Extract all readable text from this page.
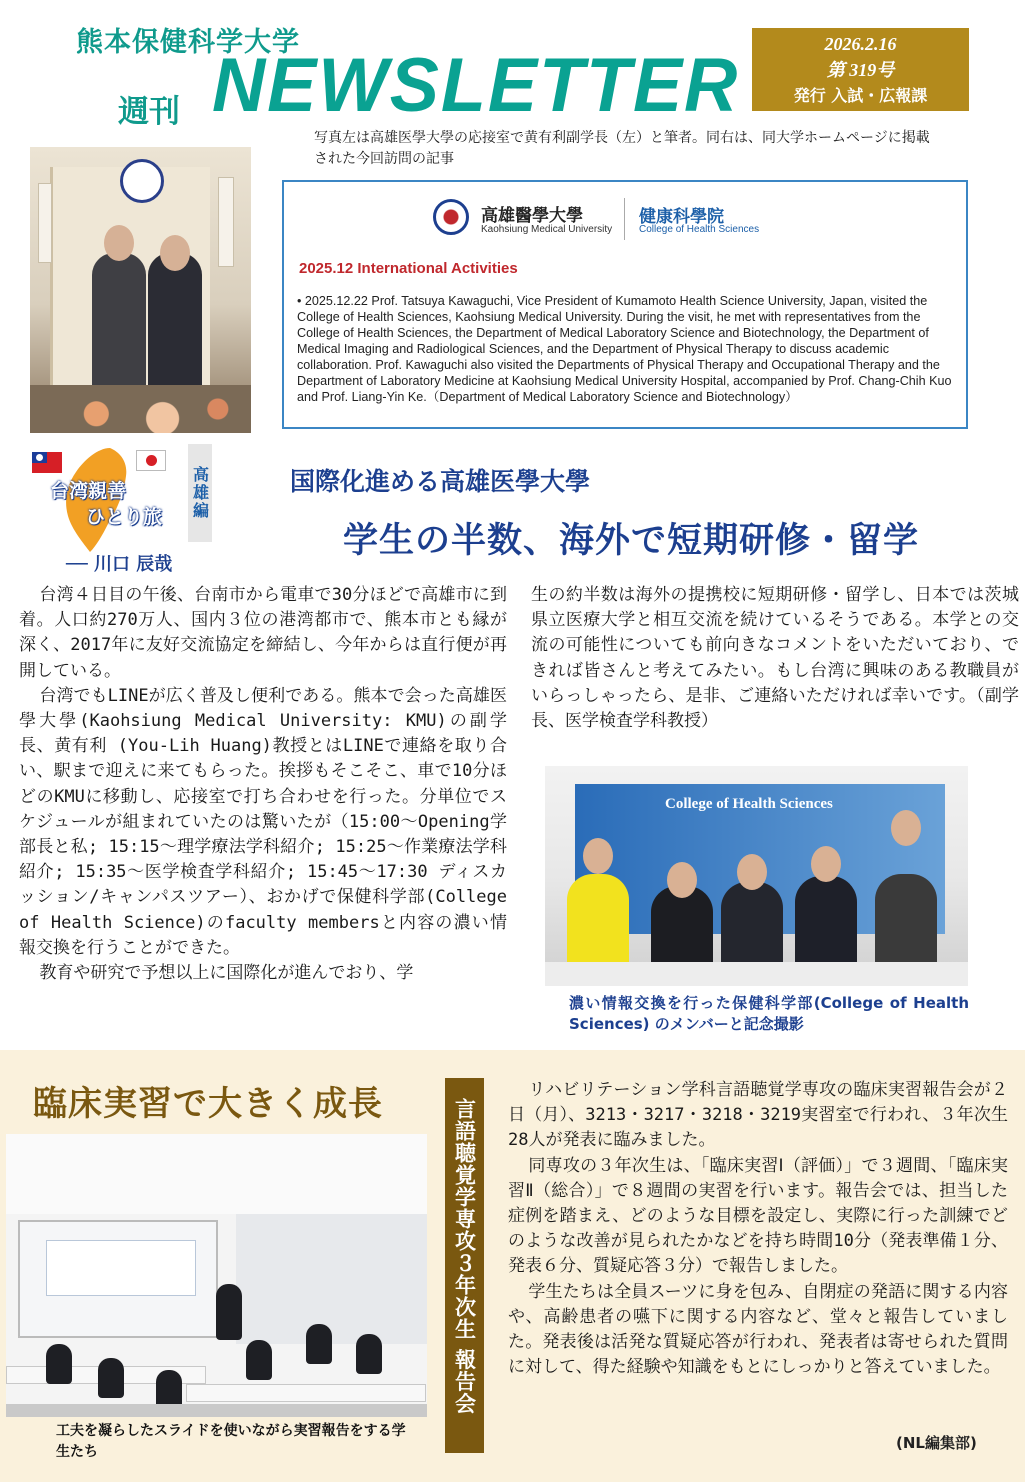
熊本保健科学大学
週刊 NEWSLETTER	2026.2.16
第 319号
発行 入試・広報課
写真左は高雄医學大學の応接室で黄有利副学長（左）と筆者。同右は、同大学ホームページに掲載された今回訪問の記事
高雄醫學大學
Kaohsiung Medical University
健康科學院
College of Health Sciences
2025.12 International Activities
• 2025.12.22 Prof. Tatsuya Kawaguchi, Vice President of Kumamoto Health Science University, Japan, visited the College of Health Sciences, Kaohsiung Medical University. During the visit, he met with representatives from the College of Health Sciences, the Department of Medical Laboratory Science and Biotechnology, the Department of Medical Imaging and Radiological Sciences, and the Department of Physical Therapy to discuss academic collaboration. Prof. Kawaguchi also visited the Departments of Physical Therapy and Occupational Therapy and the Department of Laboratory Medicine at Kaohsiung Medical University Hospital, accompanied by Prof. Chang-Chih Kuo and Prof. Liang-Yin Ke.（Department of Medical Laboratory Science and Biotechnology）
台湾親善
ひとり旅 高雄編
── 川口 辰哉
国際化進める高雄医學大學
学生の半数、海外で短期研修・留学

台湾４日目の午後、台南市から電車で30分ほどで高雄市に到着。人口約270万人、国内３位の港湾都市で、熊本市とも縁が深く、2017年に友好交流協定を締結し、今年からは直行便が再開している。

台湾でもLINEが広く普及し便利である。熊本で会った高雄医學大學(Kaohsiung Medical University: KMU)の副学長、黄有利 (You-Lih Huang)教授とはLINEで連絡を取り合い、駅まで迎えに来てもらった。挨拶もそこそこ、車で10分ほどのKMUに移動し、応接室で打ち合わせを行った。分単位でスケジュールが組まれていたのは驚いたが（15:00～Opening学部長と私; 15:15～理学療法学科紹介; 15:25～作業療法学科紹介; 15:35～医学検査学科紹介; 15:45～17:30 ディスカッション/キャンパスツアー）、おかげで保健科学部(College of Health Science)のfaculty membersと内容の濃い情報交換を行うことができた。

教育や研究で予想以上に国際化が進んでおり、学

生の約半数は海外の提携校に短期研修・留学し、日本では茨城県立医療大学と相互交流を続けているそうである。本学との交流の可能性についても前向きなコメントをいただいており、できれば皆さんと考えてみたい。もし台湾に興味のある教職員がいらっしゃったら、是非、ご連絡いただければ幸いです。（副学長、医学検査学科教授）
College of Health Sciences
濃い情報交換を行った保健科学部(College of Health Sciences) のメンバーと記念撮影
臨床実習で大きく成長	言語聴覚学専攻３年次生 報告会
工夫を凝らしたスライドを使いながら実習報告をする学生たち

リハビリテーション学科言語聴覚学専攻の臨床実習報告会が２日（月）、3213・3217・3218・3219実習室で行われ、３年次生28人が発表に臨みました。

同専攻の３年次生は、「臨床実習Ⅰ（評価）」で３週間、「臨床実習Ⅱ（総合）」で８週間の実習を行います。報告会では、担当した症例を踏まえ、どのような目標を設定し、実際に行った訓練でどのような改善が見られたかなどを持ち時間10分（発表準備１分、発表６分、質疑応答３分）で報告しました。

学生たちは全員スーツに身を包み、自閉症の発語に関する内容や、高齢患者の嚥下に関する内容など、堂々と報告していました。発表後は活発な質疑応答が行われ、発表者は寄せられた質問に対して、得た経験や知識をもとにしっかりと答えていました。

(NL編集部)
